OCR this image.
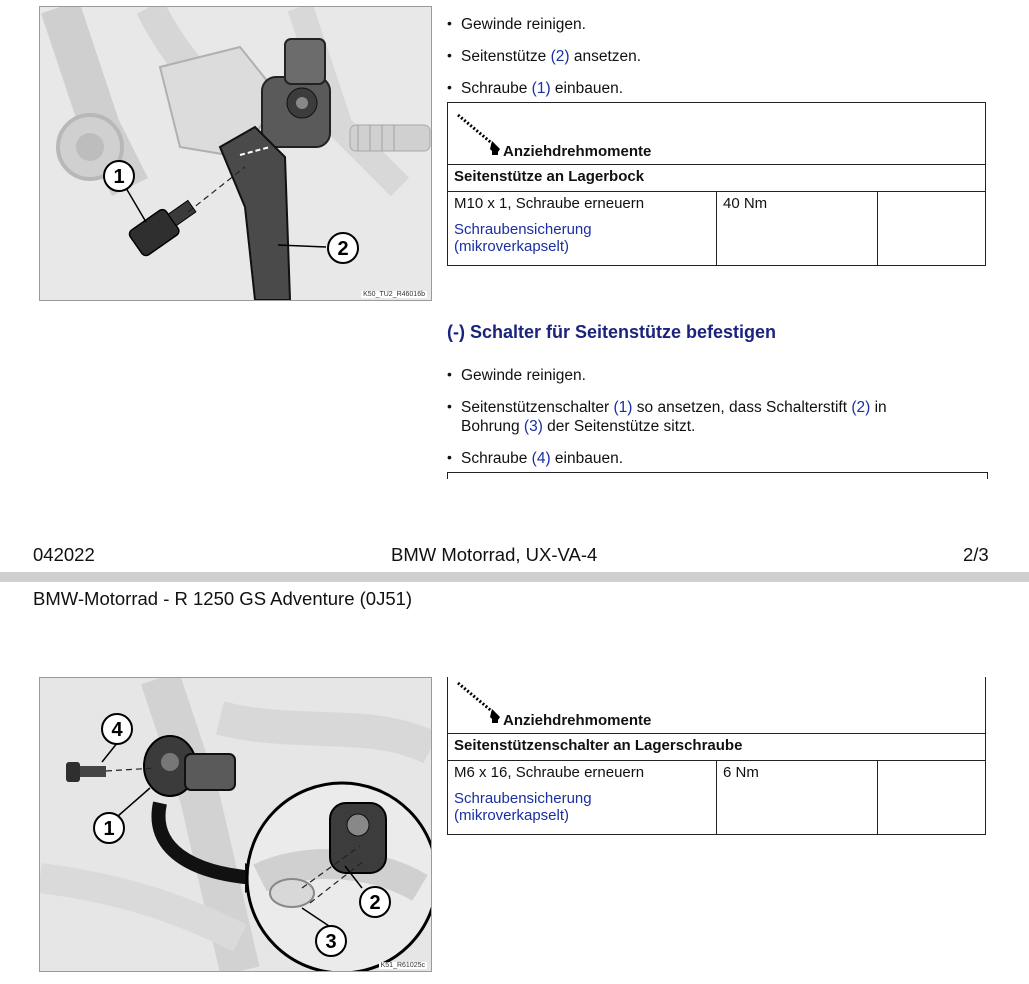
1
2
K50_TU2_R46016b
• Gewinde reinigen.
• Seitenstütze (2) ansetzen.
• Schraube (1) einbauen.
Anziehdrehmomente

Seitenstütze an Lagerbock

M10 x 1, Schraube erneuern
Schraubensicherung
(mikroverkapselt)
	40 Nm	
(-) Schalter für Seitenstütze befestigen
• Gewinde reinigen.
• Seitenstützenschalter (1) so ansetzen, dass Schalterstift (2) in Bohrung (3) der Seitenstütze sitzt.
• Schraube (4) einbauen.
042022	BMW Motorrad, UX-VA-4	2/3
BMW-Motorrad - R 1250 GS Adventure (0J51)
4
1
2
3
K51_R61025c
Anziehdrehmomente

Seitenstützenschalter an Lagerschraube

M6 x 16, Schraube erneuern
Schraubensicherung
(mikroverkapselt)
	6 Nm	
